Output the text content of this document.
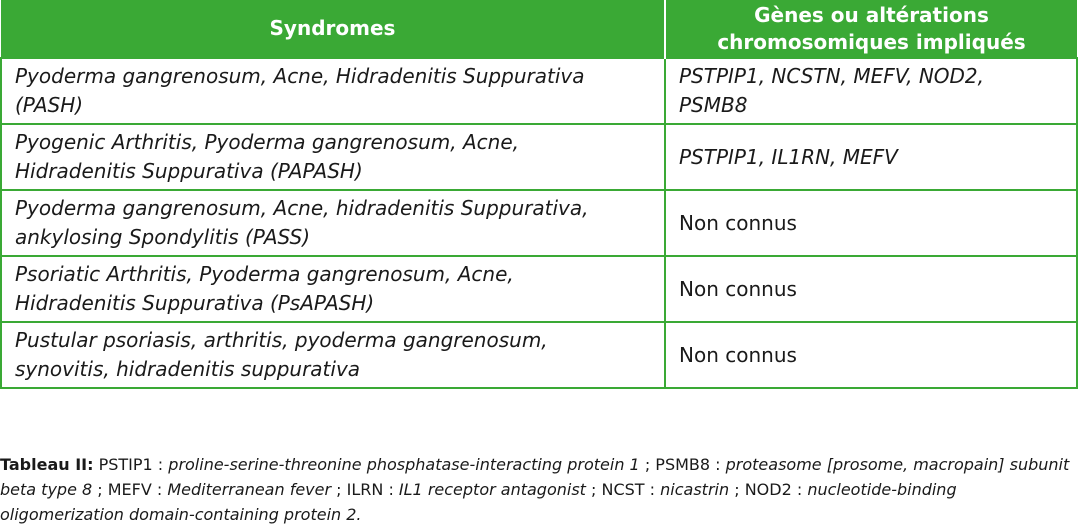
Syndromes	Gènes ou altérations
chromosomiques impliqués
Pyoderma gangrenosum, Acne, Hidradenitis Suppurativa
(PASH)	PSTPIP1, NCSTN, MEFV, NOD2,
PSMB8
Pyogenic Arthritis, Pyoderma gangrenosum, Acne,
Hidradenitis Suppurativa (PAPASH)	PSTPIP1, IL1RN, MEFV
Pyoderma gangrenosum, Acne, hidradenitis Suppurativa,
ankylosing Spondylitis (PASS)	Non connus
Psoriatic Arthritis, Pyoderma gangrenosum, Acne,
Hidradenitis Suppurativa (PsAPASH)	Non connus
Pustular psoriasis, arthritis, pyoderma gangrenosum,
synovitis, hidradenitis suppurativa	Non connus
Tableau II: PSTIP1 : proline-serine-threonine phosphatase-interacting protein 1 ; PSMB8 : proteasome [prosome, macropain] subunit beta type 8 ; MEFV : Mediterranean fever ; ILRN : IL1 receptor antagonist ; NCST : nicastrin ; NOD2 : nucleotide-binding oligomerization domain-containing protein 2.
